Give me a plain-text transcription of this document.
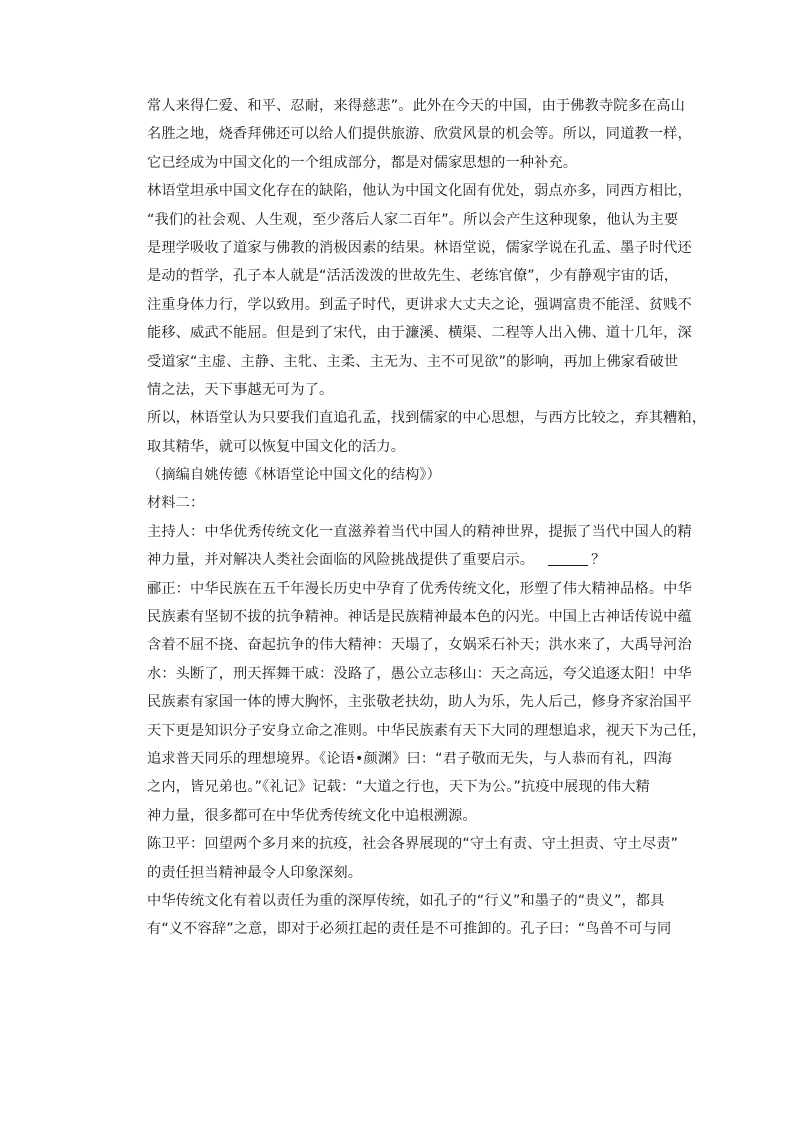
常人来得仁爱、和平、忍耐，来得慈悲”。此外在今天的中国，由于佛教寺院多在高山
名胜之地，烧香拜佛还可以给人们提供旅游、欣赏风景的机会等。所以，同道教一样，
它已经成为中国文化的一个组成部分，都是对儒家思想的一种补充。
林语堂坦承中国文化存在的缺陷，他认为中国文化固有优处，弱点亦多，同西方相比，
“我们的社会观、人生观，至少落后人家二百年”。所以会产生这种现象，他认为主要
是理学吸收了道家与佛教的消极因素的结果。林语堂说，儒家学说在孔孟、墨子时代还
是动的哲学，孔子本人就是“活活泼泼的世故先生、老练官僚”，少有静观宇宙的话，
注重身体力行，学以致用。到孟子时代，更讲求大丈夫之论，强调富贵不能淫、贫贱不
能移、威武不能屈。但是到了宋代，由于濂溪、横渠、二程等人出入佛、道十几年，深
受道家“主虚、主静、主牝、主柔、主无为、主不可见欲”的影响，再加上佛家看破世
情之法，天下事越无可为了。
所以，林语堂认为只要我们直追孔孟，找到儒家的中心思想，与西方比较之，弃其糟粕，
取其精华，就可以恢复中国文化的活力。
（摘编自姚传德《林语堂论中国文化的结构》）
材料二：
主持人：中华优秀传统文化一直滋养着当代中国人的精神世界，提振了当代中国人的精
神力量，并对解决人类社会面临的风险挑战提供了重要启示。	？
郦正：中华民族在五千年漫长历史中孕育了优秀传统文化，形塑了伟大精神品格。中华
民族素有坚韧不拔的抗争精神。神话是民族精神最本色的闪光。中国上古神话传说中蕴
含着不屈不挠、奋起抗争的伟大精神：天塌了，女娲采石补天；洪水来了，大禹导河治
水：头断了，刑天挥舞干戚：没路了，愚公立志移山：天之高远，夸父追逐太阳！中华
民族素有家国一体的博大胸怀，主张敬老扶幼，助人为乐，先人后己，修身齐家治国平
天下更是知识分子安身立命之准则。中华民族素有天下大同的理想追求，视天下为己任，
追求普天同乐的理想境界。《论语•颜渊》曰：“君子敬而无失，与人恭而有礼，四海
之内，皆兄弟也。”《礼记》记载：“大道之行也，天下为公。”抗疫中展现的伟大精
神力量，很多都可在中华优秀传统文化中追根溯源。
陈卫平：回望两个多月来的抗疫，社会各界展现的“守土有责、守土担责、守土尽责”
的责任担当精神最令人印象深刻。
中华传统文化有着以责任为重的深厚传统，如孔子的“行义”和墨子的“贵义”，都具
有“义不容辞”之意，即对于必须扛起的责任是不可推卸的。孔子曰：“鸟兽不可与同
